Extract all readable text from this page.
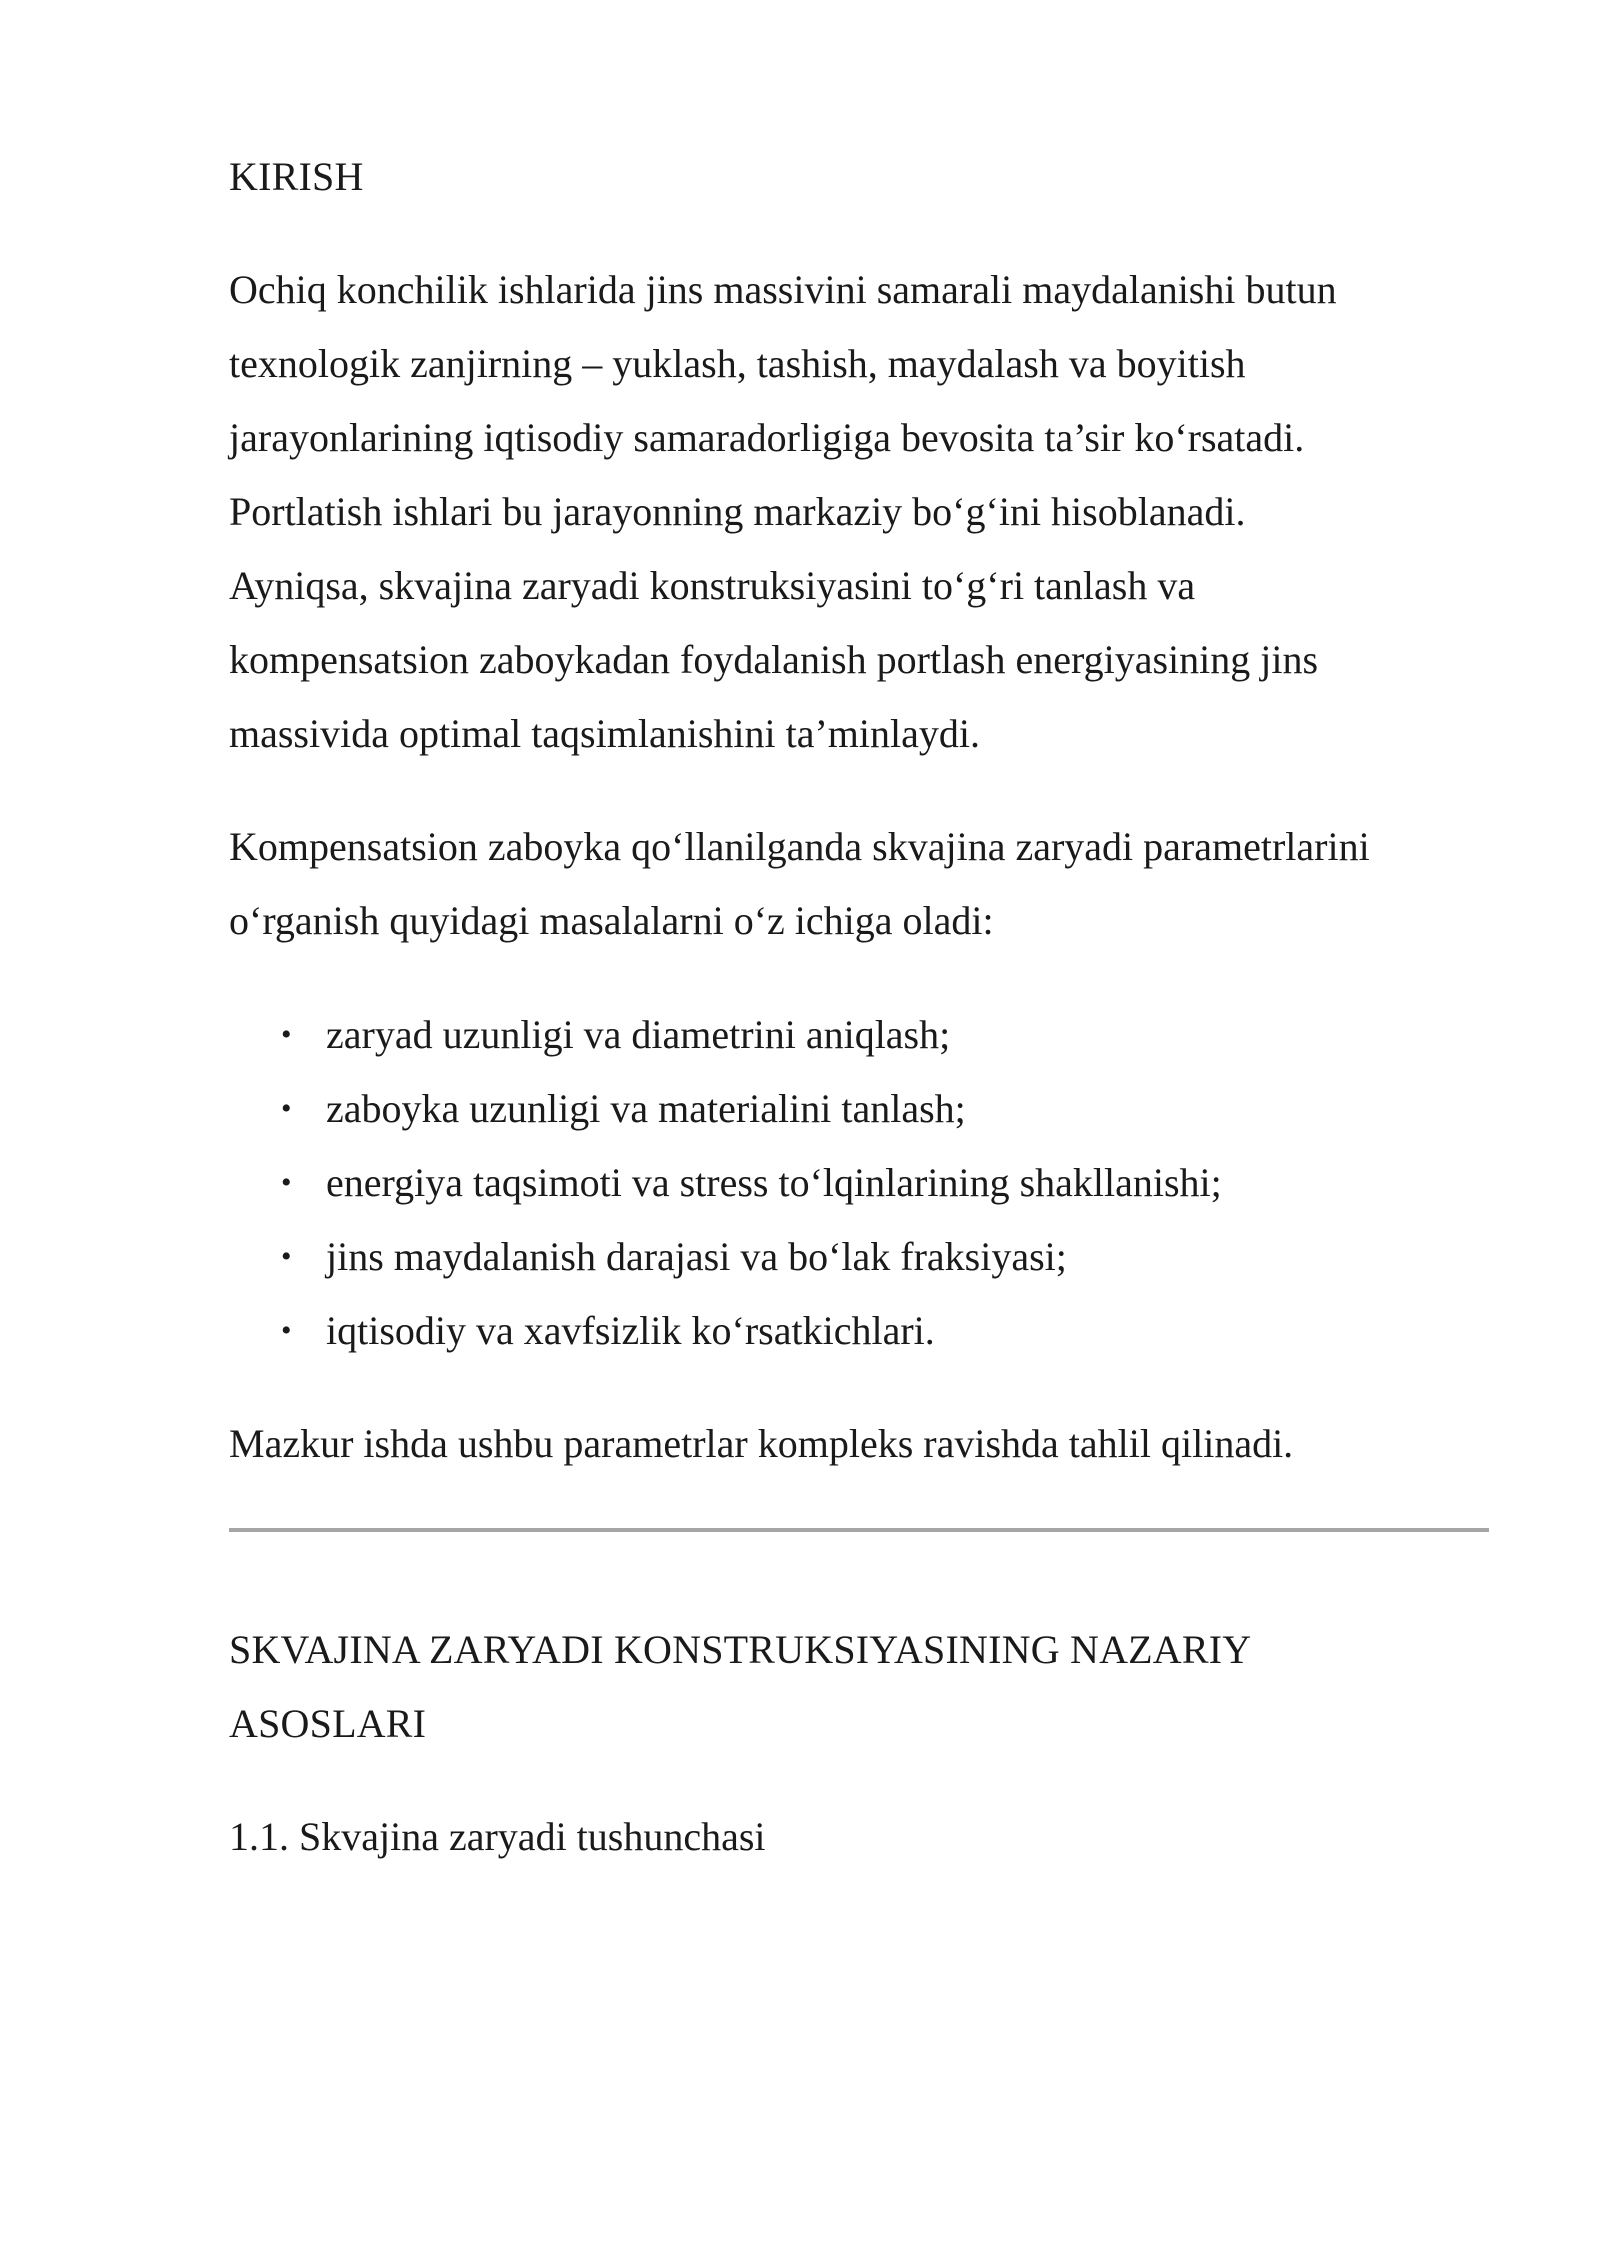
KIRISH

Ochiq konchilik ishlarida jins massivini samarali maydalanishi butun

texnologik zanjirning – yuklash, tashish, maydalash va boyitish

jarayonlarining iqtisodiy samaradorligiga bevosita ta’sir ko‘rsatadi.

Portlatish ishlari bu jarayonning markaziy bo‘g‘ini hisoblanadi.

Ayniqsa, skvajina zaryadi konstruksiyasini to‘g‘ri tanlash va

kompensatsion zaboykadan foydalanish portlash energiyasining jins

massivida optimal taqsimlanishini ta’minlaydi.

Kompensatsion zaboyka qo‘llanilganda skvajina zaryadi parametrlarini

o‘rganish quyidagi masalalarni o‘z ichiga oladi:

• zaryad uzunligi va diametrini aniqlash;
• zaboyka uzunligi va materialini tanlash;
• energiya taqsimoti va stress to‘lqinlarining shakllanishi;
• jins maydalanish darajasi va bo‘lak fraksiyasi;
• iqtisodiy va xavfsizlik ko‘rsatkichlari.

Mazkur ishda ushbu parametrlar kompleks ravishda tahlil qilinadi.

SKVAJINA ZARYADI KONSTRUKSIYASINING NAZARIY

ASOSLARI

1.1. Skvajina zaryadi tushunchasi
